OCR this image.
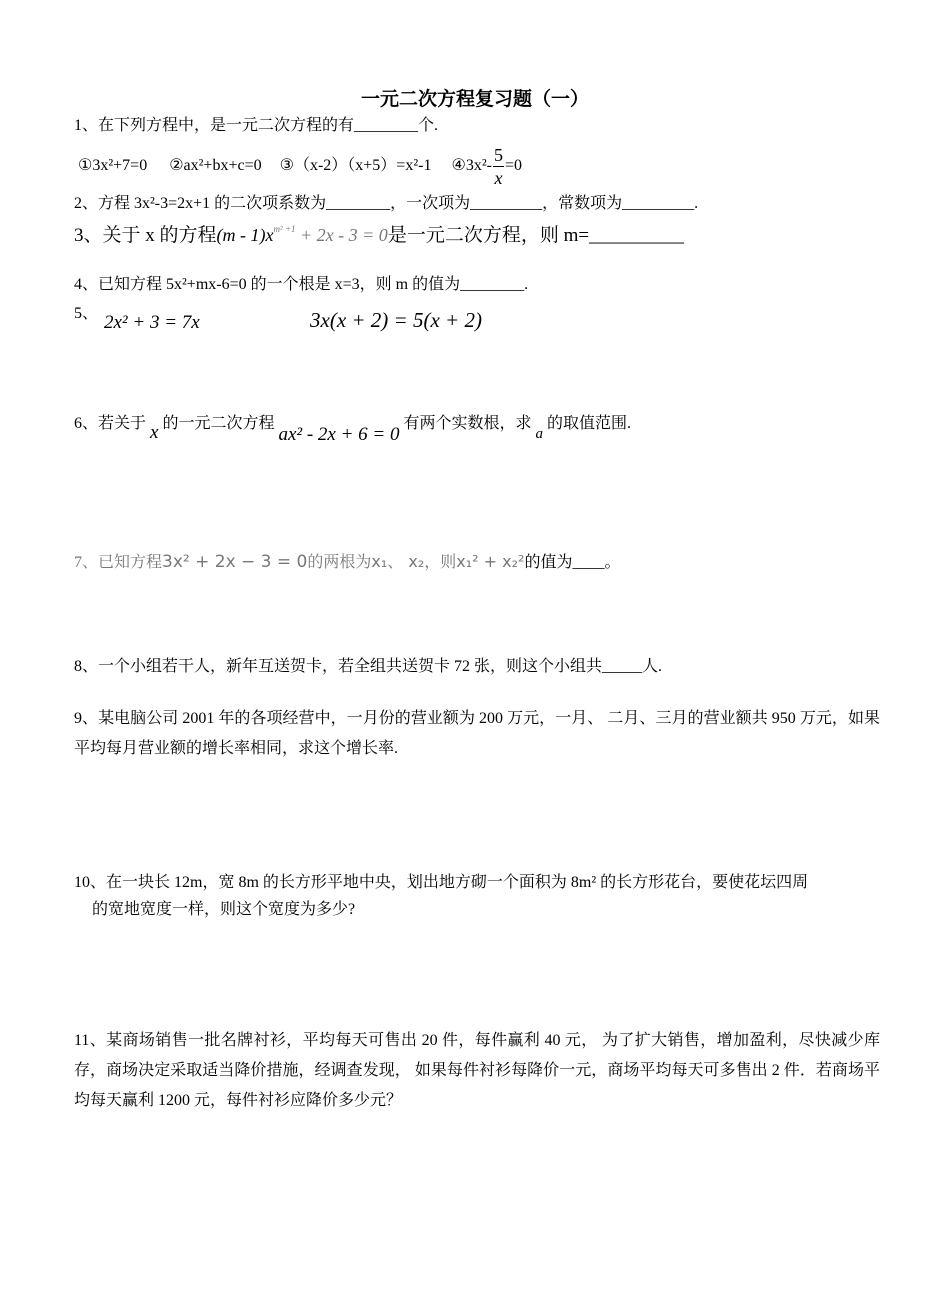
一元二次方程复习题（一）
1、在下列方程中，是一元二次方程的有________个.
①3x²+7=0 ②ax²+bx+c=0 ③（x-2）（x+5）=x²-1 ④3x²- $\frac{5}{x} =0$
2、方程 3x²-3=2x+1 的二次项系数为________，一次项为_________，常数项为_________.
3、关于 x 的方程$(m - 1)x^{m^2 +1} + 2x - 3 = 0$是一元二次方程，则 m=__________
4、已知方程 5x²+mx-6=0 的一个根是 x=3，则 m 的值为________.
5、 2x² + 3 = 7x	3x(x + 2) = 5(x + 2)
6、若关于 x 的一元二次方程 ax² - 2x + 6 = 0 有两个实数根，求 a 的取值范围.
7、已知方程3x² + 2x − 3 = 0的两根为x₁、 x₂，则x₁² + x₂²的值为____。
8、一个小组若干人，新年互送贺卡，若全组共送贺卡 72 张，则这个小组共_____人.
9、某电脑公司 2001 年的各项经营中，一月份的营业额为 200 万元，一月、 二月、三月的营业额共 950 万元，如果平均每月营业额的增长率相同，求这个增长率.
10、在一块长 12m，宽 8m 的长方形平地中央，划出地方砌一个面积为 8m² 的长方形花台，要使花坛四周
的宽地宽度一样，则这个宽度为多少?
11、某商场销售一批名牌衬衫，平均每天可售出 20 件，每件赢利 40 元， 为了扩大销售，增加盈利，尽快减少库存，商场决定采取适当降价措施，经调查发现， 如果每件衬衫每降价一元，商场平均每天可多售出 2 件．若商场平均每天赢利 1200 元，每件衬衫应降价多少元？
